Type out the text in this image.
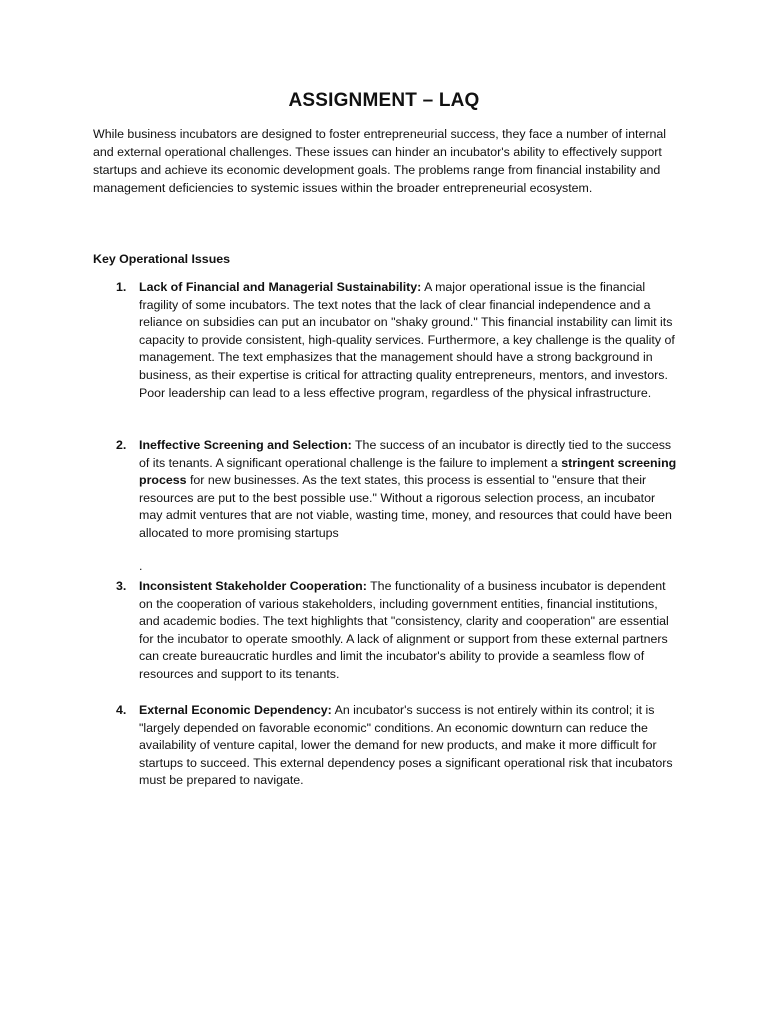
ASSIGNMENT – LAQ

While business incubators are designed to foster entrepreneurial success, they face a number of internal and external operational challenges. These issues can hinder an incubator's ability to effectively support startups and achieve its economic development goals. The problems range from financial instability and management deficiencies to systemic issues within the broader entrepreneurial ecosystem.

Key Operational Issues

1. Lack of Financial and Managerial Sustainability: A major operational issue is the financial fragility of some incubators. The text notes that the lack of clear financial independence and a reliance on subsidies can put an incubator on "shaky ground." This financial instability can limit its capacity to provide consistent, high-quality services. Furthermore, a key challenge is the quality of management. The text emphasizes that the management should have a strong background in business, as their expertise is critical for attracting quality entrepreneurs, mentors, and investors. Poor leadership can lead to a less effective program, regardless of the physical infrastructure.

2. Ineffective Screening and Selection: The success of an incubator is directly tied to the success of its tenants. A significant operational challenge is the failure to implement a stringent screening process for new businesses. As the text states, this process is essential to "ensure that their resources are put to the best possible use." Without a rigorous selection process, an incubator may admit ventures that are not viable, wasting time, money, and resources that could have been allocated to more promising startups

.
3. Inconsistent Stakeholder Cooperation: The functionality of a business incubator is dependent on the cooperation of various stakeholders, including government entities, financial institutions, and academic bodies. The text highlights that "consistency, clarity and cooperation" are essential for the incubator to operate smoothly. A lack of alignment or support from these external partners can create bureaucratic hurdles and limit the incubator's ability to provide a seamless flow of resources and support to its tenants.

4. External Economic Dependency: An incubator's success is not entirely within its control; it is "largely depended on favorable economic" conditions. An economic downturn can reduce the availability of venture capital, lower the demand for new products, and make it more difficult for startups to succeed. This external dependency poses a significant operational risk that incubators must be prepared to navigate.
